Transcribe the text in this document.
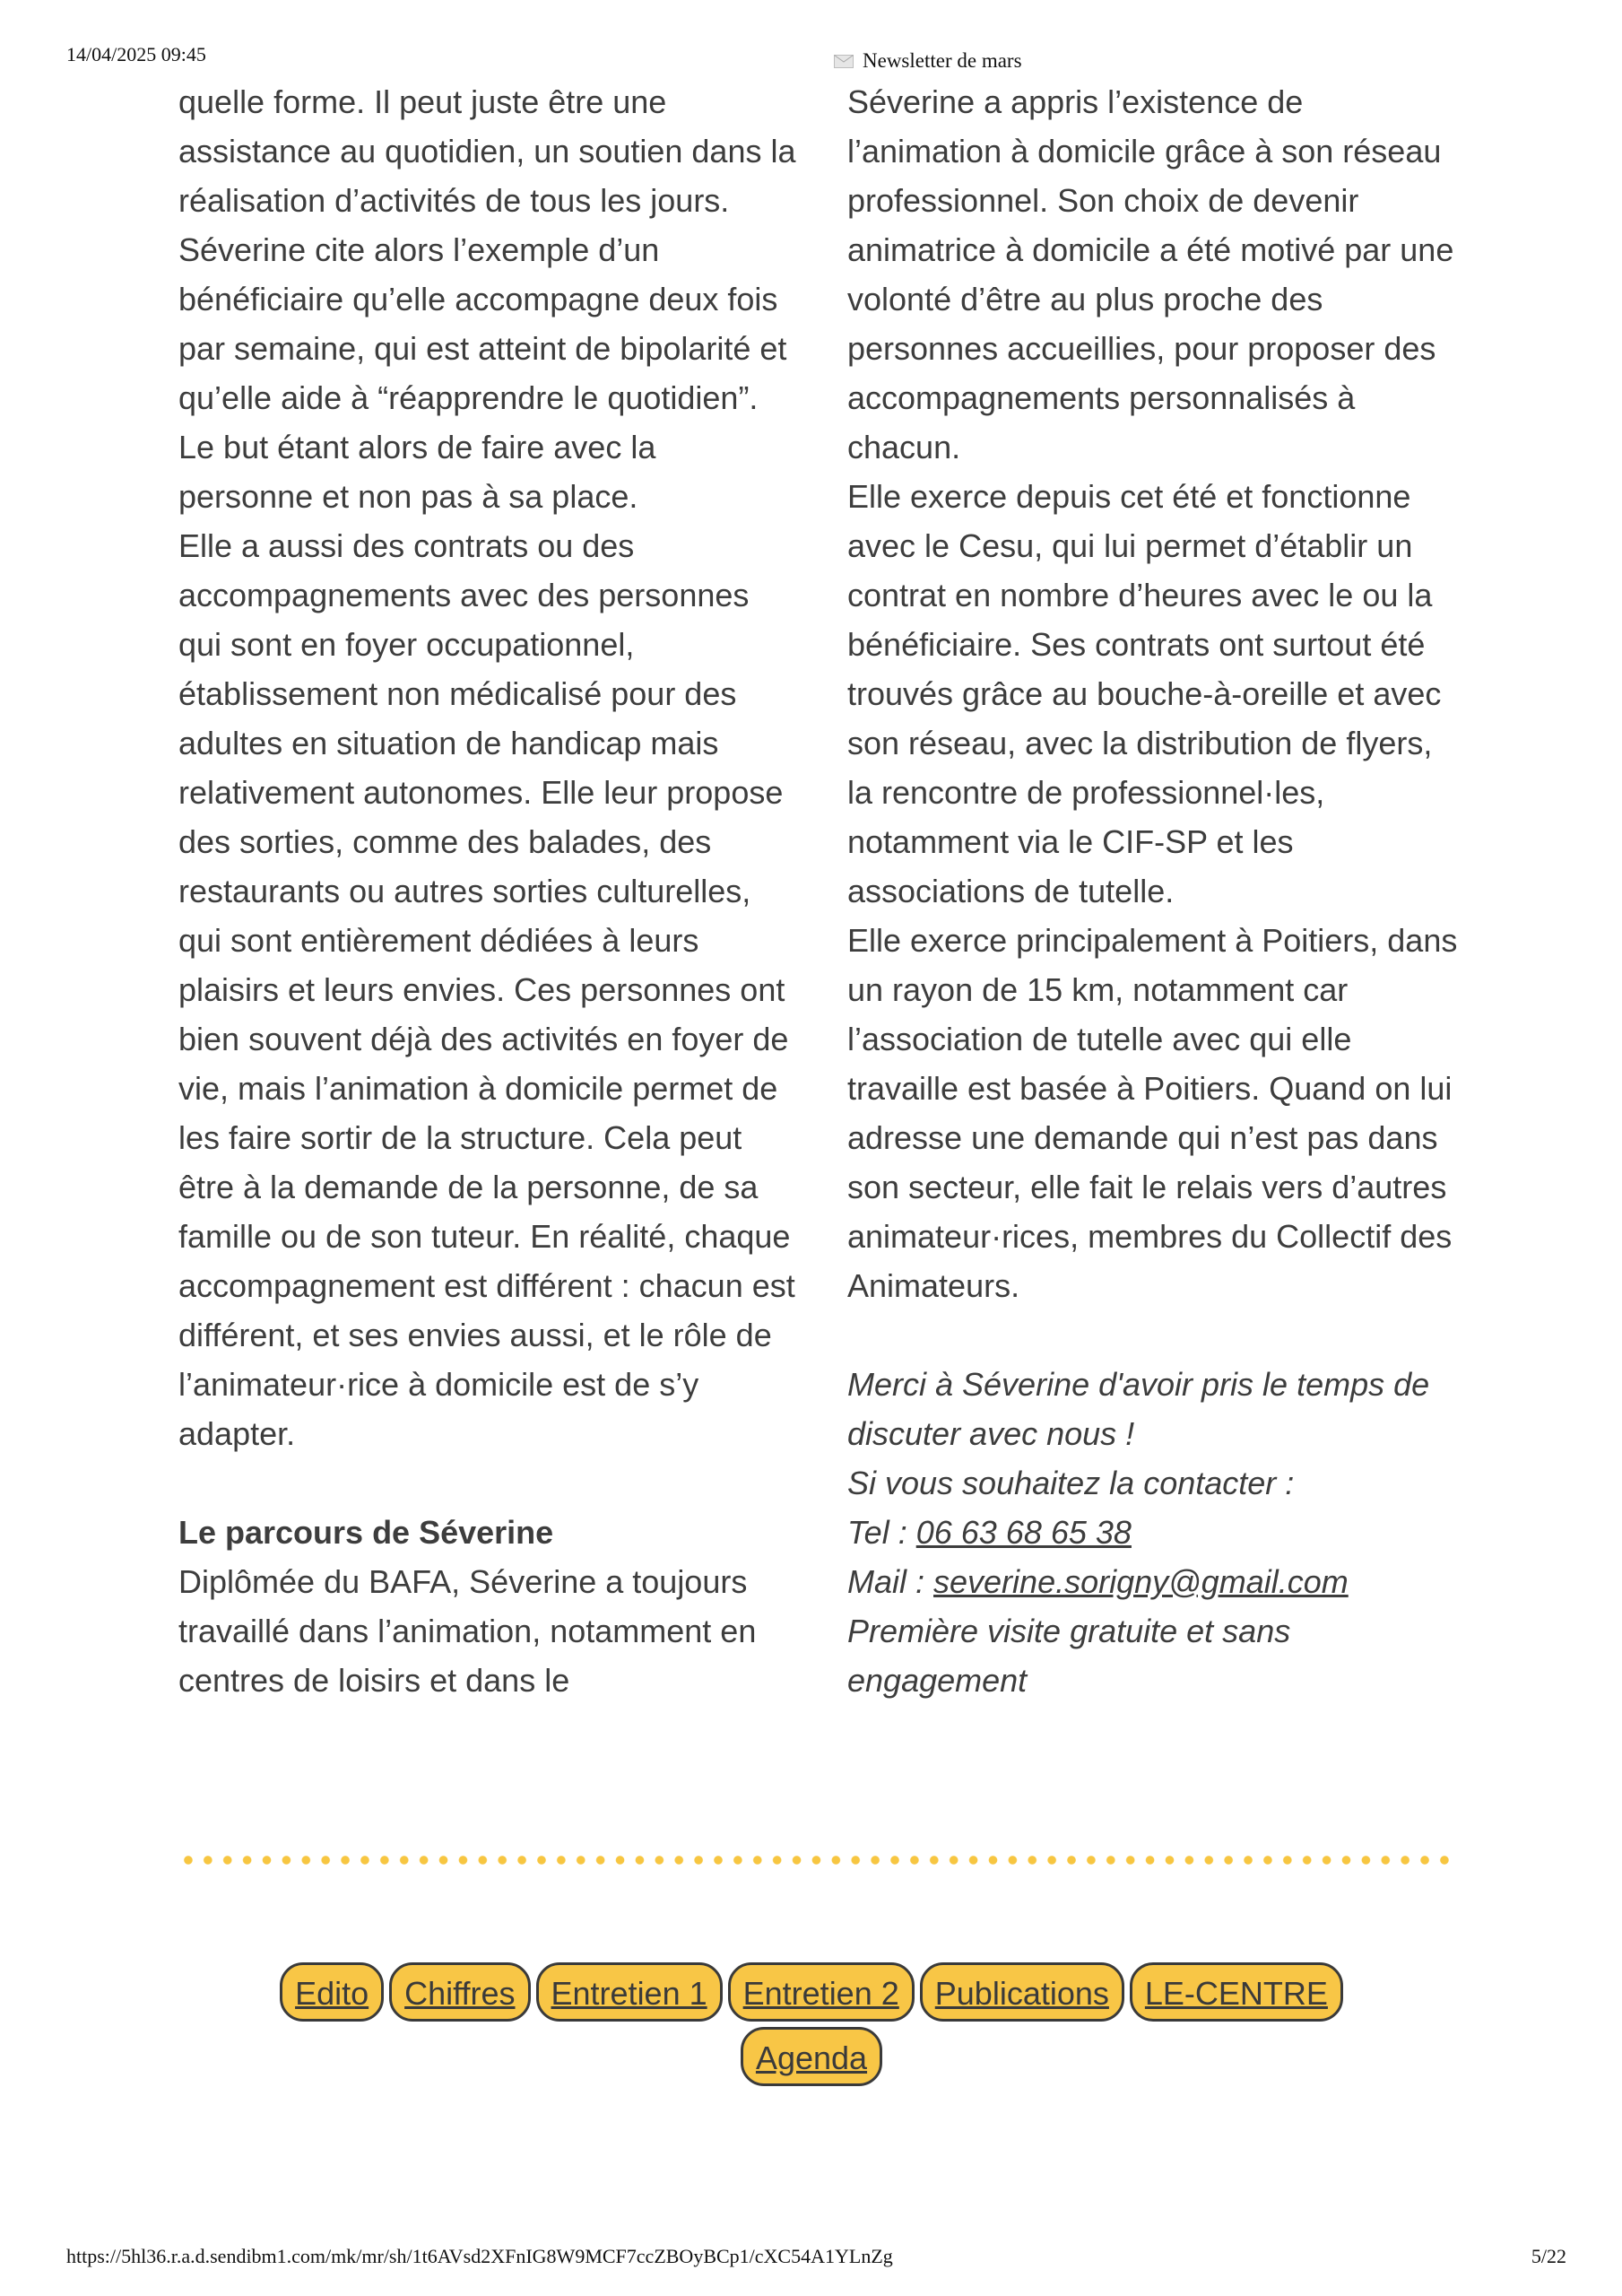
14/04/2025 09:45	Newsletter de mars

quelle forme. Il peut juste être une assistance au quotidien, un soutien dans la réalisation d’activités de tous les jours. Séverine cite alors l’exemple d’un bénéficiaire qu’elle accompagne deux fois par semaine, qui est atteint de bipolarité et qu’elle aide à “réapprendre le quotidien”. Le but étant alors de faire avec la personne et non pas à sa place.

Elle a aussi des contrats ou des accompagnements avec des personnes qui sont en foyer occupationnel, établissement non médicalisé pour des adultes en situation de handicap mais relativement autonomes. Elle leur propose des sorties, comme des balades, des restaurants ou autres sorties culturelles, qui sont entièrement dédiées à leurs plaisirs et leurs envies. Ces personnes ont bien souvent déjà des activités en foyer de vie, mais l’animation à domicile permet de les faire sortir de la structure. Cela peut être à la demande de la personne, de sa famille ou de son tuteur. En réalité, chaque accompagnement est différent : chacun est différent, et ses envies aussi, et le rôle de l’animateur·rice à domicile est de s’y adapter.

Le parcours de Séverine

Diplômée du BAFA, Séverine a toujours travaillé dans l’animation, notamment en centres de loisirs et dans le

Séverine a appris l’existence de l’animation à domicile grâce à son réseau professionnel. Son choix de devenir animatrice à domicile a été motivé par une volonté d’être au plus proche des personnes accueillies, pour proposer des accompagnements personnalisés à chacun.

Elle exerce depuis cet été et fonctionne avec le Cesu, qui lui permet d’établir un contrat en nombre d’heures avec le ou la bénéficiaire. Ses contrats ont surtout été trouvés grâce au bouche-à-oreille et avec son réseau, avec la distribution de flyers, la rencontre de professionnel·les, notamment via le CIF-SP et les associations de tutelle.

Elle exerce principalement à Poitiers, dans un rayon de 15 km, notamment car l’association de tutelle avec qui elle travaille est basée à Poitiers. Quand on lui adresse une demande qui n’est pas dans son secteur, elle fait le relais vers d’autres animateur·rices, membres du Collectif des Animateurs.

Merci à Séverine d'avoir pris le temps de discuter avec nous !

Si vous souhaitez la contacter :

Tel : 06 63 68 65 38

Mail : severine.sorigny@gmail.com

Première visite gratuite et sans engagement

Edito	Chiffres	Entretien 1	Entretien 2	Publications	LE-CENTRE
Agenda
https://5hl36.r.a.d.sendibm1.com/mk/mr/sh/1t6AVsd2XFnIG8W9MCF7ccZBOyBCp1/cXC54A1YLnZg	5/22
